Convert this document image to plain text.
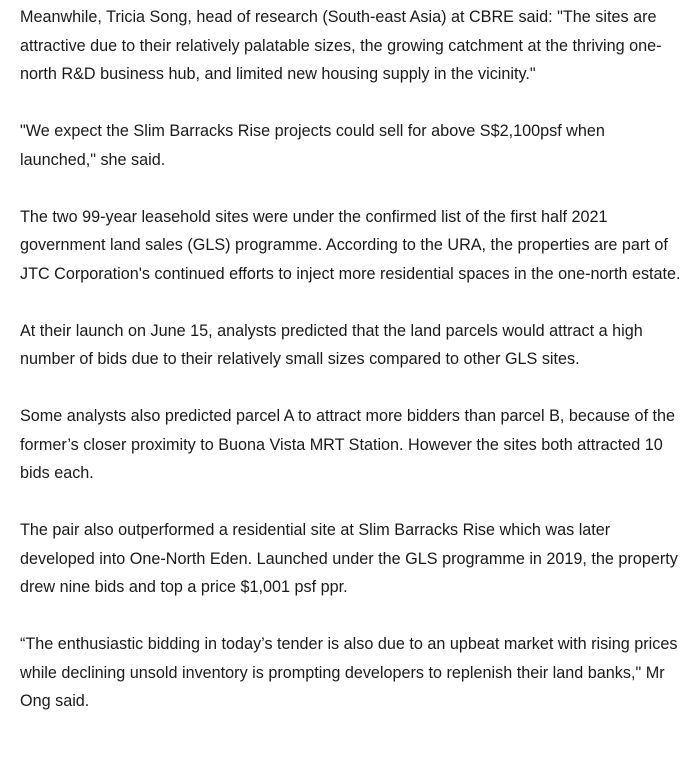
Meanwhile, Tricia Song, head of research (South-east Asia) at CBRE said: "The sites are attractive due to their relatively palatable sizes, the growing catchment at the thriving one-north R&D business hub, and limited new housing supply in the vicinity."

"We expect the Slim Barracks Rise projects could sell for above S$2,100psf when launched," she said.

The two 99-year leasehold sites were under the confirmed list of the first half 2021 government land sales (GLS) programme. According to the URA, the properties are part of JTC Corporation's continued efforts to inject more residential spaces in the one-north estate.

At their launch on June 15, analysts predicted that the land parcels would attract a high number of bids due to their relatively small sizes compared to other GLS sites.

Some analysts also predicted parcel A to attract more bidders than parcel B, because of the former’s closer proximity to Buona Vista MRT Station. However the sites both attracted 10 bids each.

The pair also outperformed a residential site at Slim Barracks Rise which was later developed into One-North Eden. Launched under the GLS programme in 2019, the property drew nine bids and top a price $1,001 psf ppr.

“The enthusiastic bidding in today’s tender is also due to an upbeat market with rising prices while declining unsold inventory is prompting developers to replenish their land banks," Mr Ong said.
